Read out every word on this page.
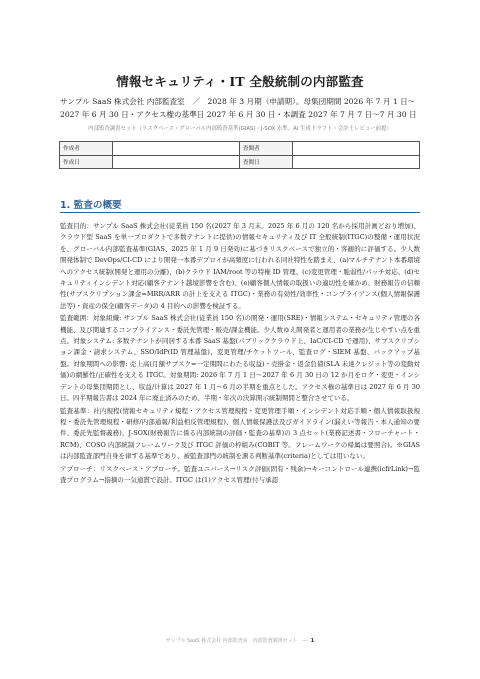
情報セキュリティ・IT 全般統制の内部監査
サンプル SaaS 株式会社 内部監査室　／　2028 年 3 月期（申請期）。母集団期間 2026 年 7 月 1 日〜 2027 年 6 月 30 日・アクセス権の基準日 2027 年 6 月 30 日・本調査 2027 年 7 月 7 日〜7 月 30 日
内部監査調書セット（リスクベース・グローバル内部監査基準(GIAS)・J-SOX 水準。AI 生成ドラフト・会計士レビュー前提）
作成者		査閲者	
作成日		査閲日	
1. 監査の概要

監査目的：サンプル SaaS 株式会社(従業員 150 名(2027 年 3 月末。2025 年 6 月の 120 名から採用計画どおり増加)、クラウド型 SaaS を単一プロダクトで多数テナントに提供)の情報セキュリティ及び IT 全般統制(ITGC)の整備・運用状況を、グローバル内部監査基準(GIAS、2025 年 1 月 9 日発効)に基づきリスクベースで独立的・客観的に評価する。少人数開発体制で DevOps/CI-CD により開発一本番デプロイが高頻度に行われる同社特性を踏まえ、(a)マルチテナント本番環境へのアクセス統制(開発と運用の分離)、(b)クラウド IAM/root 等の特権 ID 管理、(c)変更管理・脆弱性/パッチ対応、(d)セキュリティインシデント対応(顧客テナント越境影響を含む)、(e)顧客個人情報の取扱いの適切性を確かめ、財務報告の信頼性(サブスクリプション課金=MRR/ARR の計上を支える ITGC)・業務の有効性/効率性・コンプライアンス(個人情報保護法等)・資産の保全(顧客データ)の 4 目的への影響を検証する。

監査範囲：対象組織: サンプル SaaS 株式会社(従業員 150 名)の開発・運用(SRE)・情報システム・セキュリティ管理の各機能、及び関連するコンプライアンス・委託先管理・販売/課金機能。少人数ゆえ開発者と運用者の業務が生じやすい点を重点。対象システム: 多数テナントが同居する本番 SaaS 基盤(パブリッククラウド上、IaC/CI-CD で運用)、サブスクリプション課金・請求システム、SSO/IdP(ID 管理基盤)、変更管理/チケットツール、監査ログ・SIEM 基盤、バックアップ基盤。対象期間への影響: 売上高(月額サブスク=一定期間にわたる収益)・売掛金・返金負債(SLA 未達クレジット等の変動対価)の網羅性/正確性を支える ITGC。対象期間: 2026 年 7 月 1 日〜2027 年 6 月 30 日の 12 か月をログ・変更・インシデントの母集団期間とし、収益/计算は 2027 年 1 月〜6 月の半期を重点とした。アクセス権の基準日は 2027 年 6 月 30 日。四半期報告書は 2024 年に廃止済みのため、半期・年次の決算開示統制期間と整合させている。

監査基準：社内規程(情報セキュリティ規程・アクセス管理規程・変更管理手順・インシデント対応手順・個人情報取扱規程・委託先管理規程・研修/内部通報/利益相反管理規程)、個人情報保護法及びガイドライン(漏えい等報告・本人通知の要件、委託先監督義務)、J-SOX(財務報告に係る内部統制の評価・監査の基準)の 3 点セット(業務記述書・フローチャート・RCM)、COSO 内部統制フレームワーク及び ITGC 評価の枠組み(COBIT 等。フレームワークの帰属は要照合)。※GIAS は内部監査部門自身を律する基準であり、被監査部門の統制を測る判断基準(criteria)としては用いない。

アプローチ：リスクベース・アプローチ。監査ユニバース→リスク評価(固有・残余)→キーコントロール連携(icfrLink)→監査プログラム→指摘の一気通貫で設計。ITGC は(1)アクセス管理(付与承認

サンプル SaaS 株式会社 内部監査室　内部監査調書セット　― 1
